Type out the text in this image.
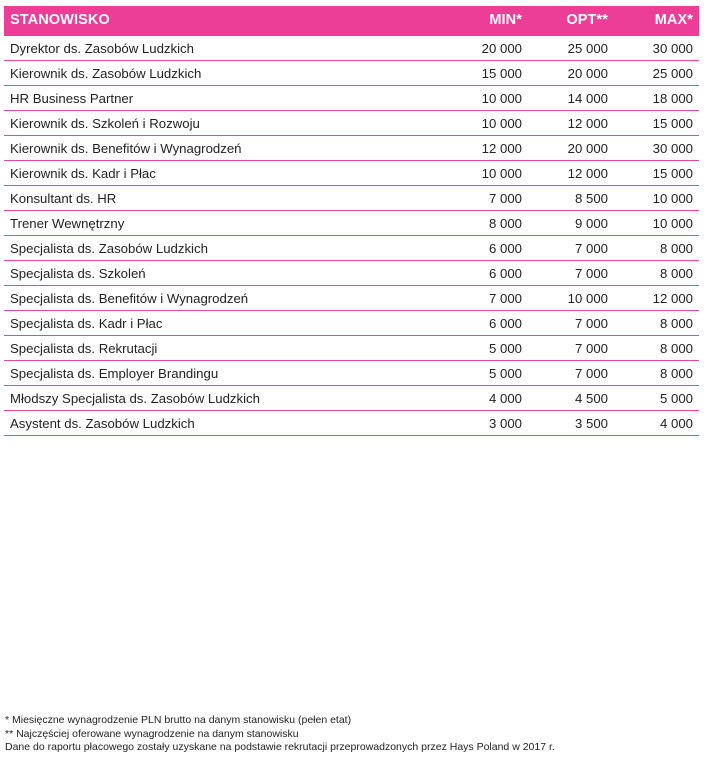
STANOWISKO	MIN*	OPT**	MAX*
Dyrektor ds. Zasobów Ludzkich	20 000	25 000	30 000
Kierownik ds. Zasobów Ludzkich	15 000	20 000	25 000
HR Business Partner	10 000	14 000	18 000
Kierownik ds. Szkoleń i Rozwoju	10 000	12 000	15 000
Kierownik ds. Benefitów i Wynagrodzeń	12 000	20 000	30 000
Kierownik ds. Kadr i Płac	10 000	12 000	15 000
Konsultant ds. HR	7 000	8 500	10 000
Trener Wewnętrzny	8 000	9 000	10 000
Specjalista ds. Zasobów Ludzkich	6 000	7 000	8 000
Specjalista ds. Szkoleń	6 000	7 000	8 000
Specjalista ds. Benefitów i Wynagrodzeń	7 000	10 000	12 000
Specjalista ds. Kadr i Płac	6 000	7 000	8 000
Specjalista ds. Rekrutacji	5 000	7 000	8 000
Specjalista ds. Employer Brandingu	5 000	7 000	8 000
Młodszy Specjalista ds. Zasobów Ludzkich	4 000	4 500	5 000
Asystent ds. Zasobów Ludzkich	3 000	3 500	4 000
* Miesięczne wynagrodzenie PLN brutto na danym stanowisku (pełen etat)
** Najczęściej oferowane wynagrodzenie na danym stanowisku
Dane do raportu płacowego zostały uzyskane na podstawie rekrutacji przeprowadzonych przez Hays Poland w 2017 r.
